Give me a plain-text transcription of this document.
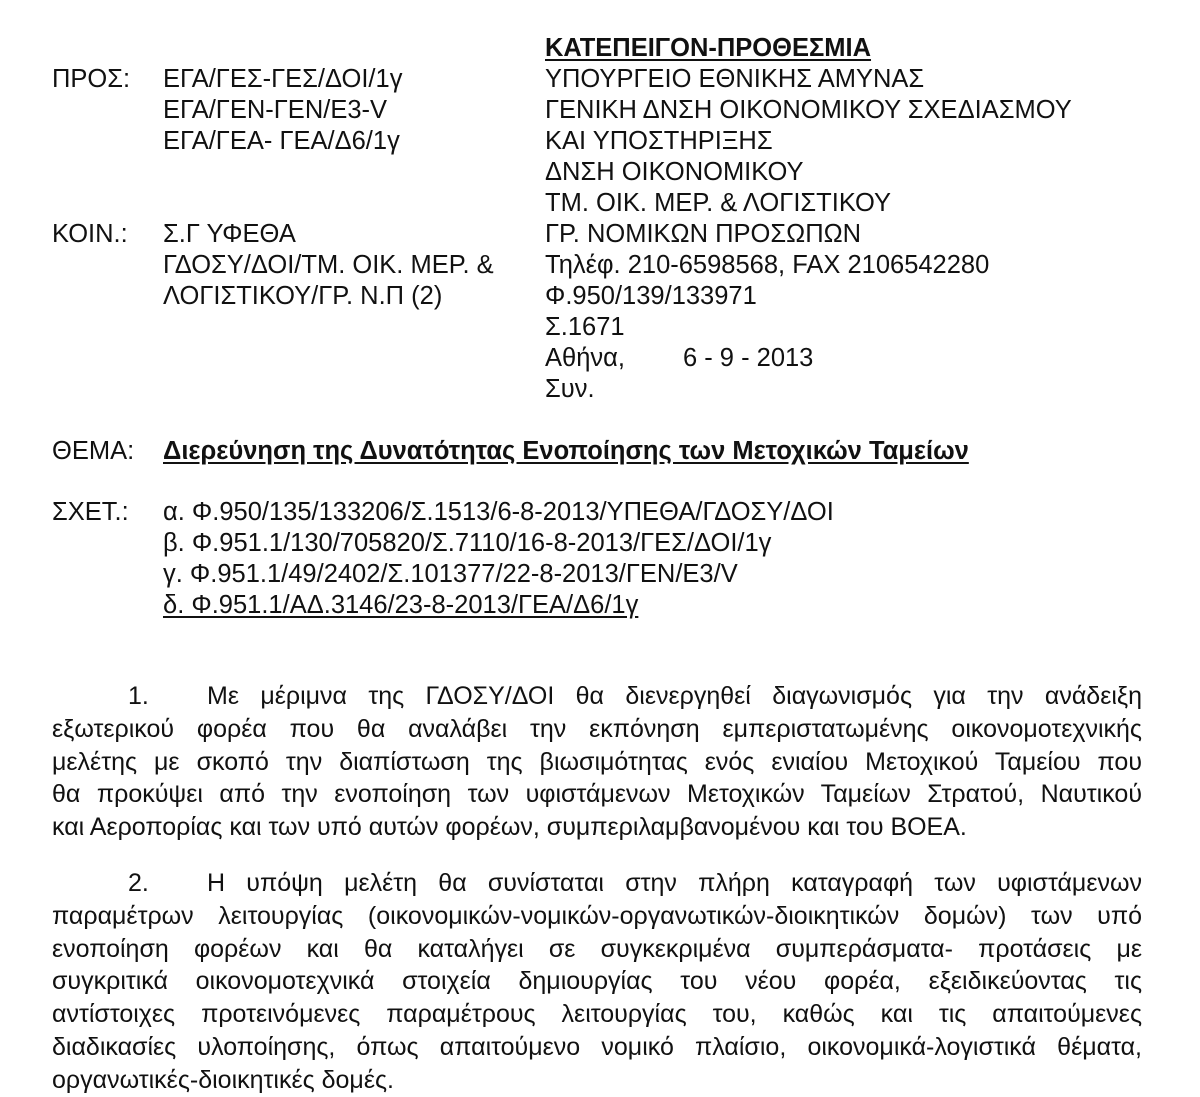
ΚΑΤΕΠΕΙΓΟΝ-ΠΡΟΘΕΣΜΙΑ
ΠΡΟΣ: ΕΓΑ/ΓΕΣ-ΓΕΣ/ΔΟΙ/1γ
ΕΓΑ/ΓΕΝ-ΓΕΝ/Ε3-V
ΕΓΑ/ΓΕΑ- ΓΕΑ/Δ6/1γ
ΚΟΙΝ.: Σ.Γ ΥΦΕΘΑ
ΓΔΟΣΥ/ΔΟΙ/ΤΜ. ΟΙΚ. ΜΕΡ. &
ΛΟΓΙΣΤΙΚΟΥ/ΓΡ. Ν.Π (2)
ΥΠΟΥΡΓΕΙΟ ΕΘΝΙΚΗΣ ΑΜΥΝΑΣ
ΓΕΝΙΚΗ ΔΝΣΗ ΟΙΚΟΝΟΜΙΚΟΥ ΣΧΕΔΙΑΣΜΟΥ
ΚΑΙ ΥΠΟΣΤΗΡΙΞΗΣ
ΔΝΣΗ ΟΙΚΟΝΟΜΙΚΟΥ
ΤΜ. ΟΙΚ. ΜΕΡ. & ΛΟΓΙΣΤΙΚΟΥ
ΓΡ. ΝΟΜΙΚΩΝ ΠΡΟΣΩΠΩΝ
Τηλέφ. 210-6598568, FAX 2106542280
Φ.950/139/133971
Σ.1671
Αθήνα, 6 - 9 - 2013
Συν.
ΘΕΜΑ: Διερεύνηση της Δυνατότητας Ενοποίησης των Μετοχικών Ταμείων
ΣΧΕΤ.: α. Φ.950/135/133206/Σ.1513/6-8-2013/ΥΠΕΘΑ/ΓΔΟΣΥ/ΔΟΙ
β. Φ.951.1/130/705820/Σ.7110/16-8-2013/ΓΕΣ/ΔΟΙ/1γ
γ. Φ.951.1/49/2402/Σ.101377/22-8-2013/ΓΕΝ/Ε3/V
δ. Φ.951.1/ΑΔ.3146/23-8-2013/ΓΕΑ/Δ6/1γ
1. Με μέριμνα της ΓΔΟΣΥ/ΔΟΙ θα διενεργηθεί διαγωνισμός για την ανάδειξη
εξωτερικού φορέα που θα αναλάβει την εκπόνηση εμπεριστατωμένης οικονομοτεχνικής
μελέτης με σκοπό την διαπίστωση της βιωσιμότητας ενός ενιαίου Μετοχικού Ταμείου που
θα προκύψει από την ενοποίηση των υφιστάμενων Μετοχικών Ταμείων Στρατού, Ναυτικού
και Αεροπορίας και των υπό αυτών φορέων, συμπεριλαμβανομένου και του ΒΟΕΑ.
2. Η υπόψη μελέτη θα συνίσταται στην πλήρη καταγραφή των υφιστάμενων
παραμέτρων λειτουργίας (οικονομικών-νομικών-οργανωτικών-διοικητικών δομών) των υπό
ενοποίηση φορέων και θα καταλήγει σε συγκεκριμένα συμπεράσματα- προτάσεις με
συγκριτικά οικονομοτεχνικά στοιχεία δημιουργίας του νέου φορέα, εξειδικεύοντας τις
αντίστοιχες προτεινόμενες παραμέτρους λειτουργίας του, καθώς και τις απαιτούμενες
διαδικασίες υλοποίησης, όπως απαιτούμενο νομικό πλαίσιο, οικονομικά-λογιστικά θέματα,
οργανωτικές-διοικητικές δομές.
